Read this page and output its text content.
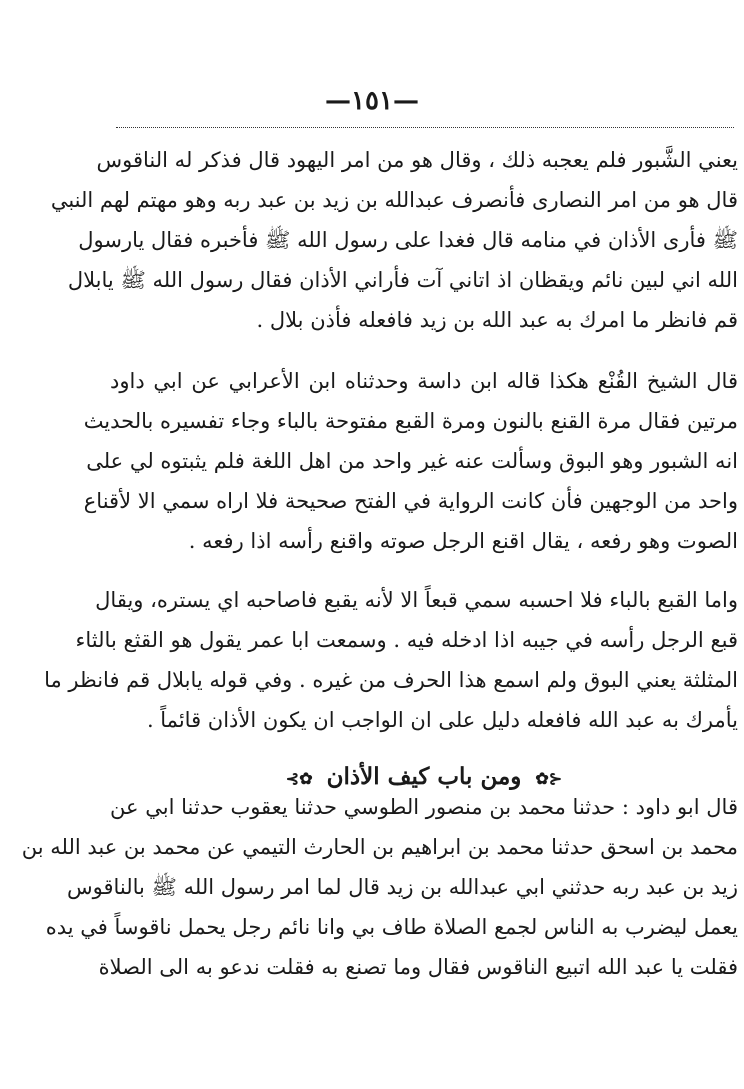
—١٥١—
يعني الشَّبور فلم يعجبه ذلك ، وقال هو من امر اليهود قال فذكر له الناقوس
قال هو من امر النصارى فأنصرف عبدالله بن زيد بن عبد ربه وهو مهتم لهم النبي
ﷺ فأرى الأذان في منامه قال فغدا على رسول الله ﷺ فأخبره فقال يارسول
الله اني لبين نائم ويقظان اذ اتاني آت فأراني الأذان فقال رسول الله ﷺ يابلال
قم فانظر ما امرك به عبد الله بن زيد فافعله فأذن بلال .
قال الشيخ القُنْع هكذا قاله ابن داسة وحدثناه ابن الأعرابي عن ابي داود
مرتين فقال مرة القنع بالنون ومرة القبع مفتوحة بالباء وجاء تفسيره بالحديث
انه الشبور وهو البوق وسألت عنه غير واحد من اهل اللغة فلم يثبتوه لي على
واحد من الوجهين فأن كانت الرواية في الفتح صحيحة فلا اراه سمي الا لأقناع
الصوت وهو رفعه ، يقال اقنع الرجل صوته واقنع رأسه اذا رفعه .
واما القبع بالباء فلا احسبه سمي قبعاً الا لأنه يقبع فاصاحبه اي يستره، ويقال
قبع الرجل رأسه في جيبه اذا ادخله فيه . وسمعت ابا عمر يقول هو القثع بالثاء
المثلثة يعني البوق ولم اسمع هذا الحرف من غيره . وفي قوله يابلال قم فانظر ما
يأمرك به عبد الله فافعله دليل على ان الواجب ان يكون الأذان قائماً .
⊰✿ ومن باب كيف الأذان ✿⊱
قال ابو داود : حدثنا محمد بن منصور الطوسي حدثنا يعقوب حدثنا ابي عن
محمد بن اسحق حدثنا محمد بن ابراهيم بن الحارث التيمي عن محمد بن عبد الله بن
زيد بن عبد ربه حدثني ابي عبدالله بن زيد قال لما امر رسول الله ﷺ بالناقوس
يعمل ليضرب به الناس لجمع الصلاة طاف بي وانا نائم رجل يحمل ناقوساً في يده
فقلت يا عبد الله اتبيع الناقوس فقال وما تصنع به فقلت ندعو به الى الصلاة
